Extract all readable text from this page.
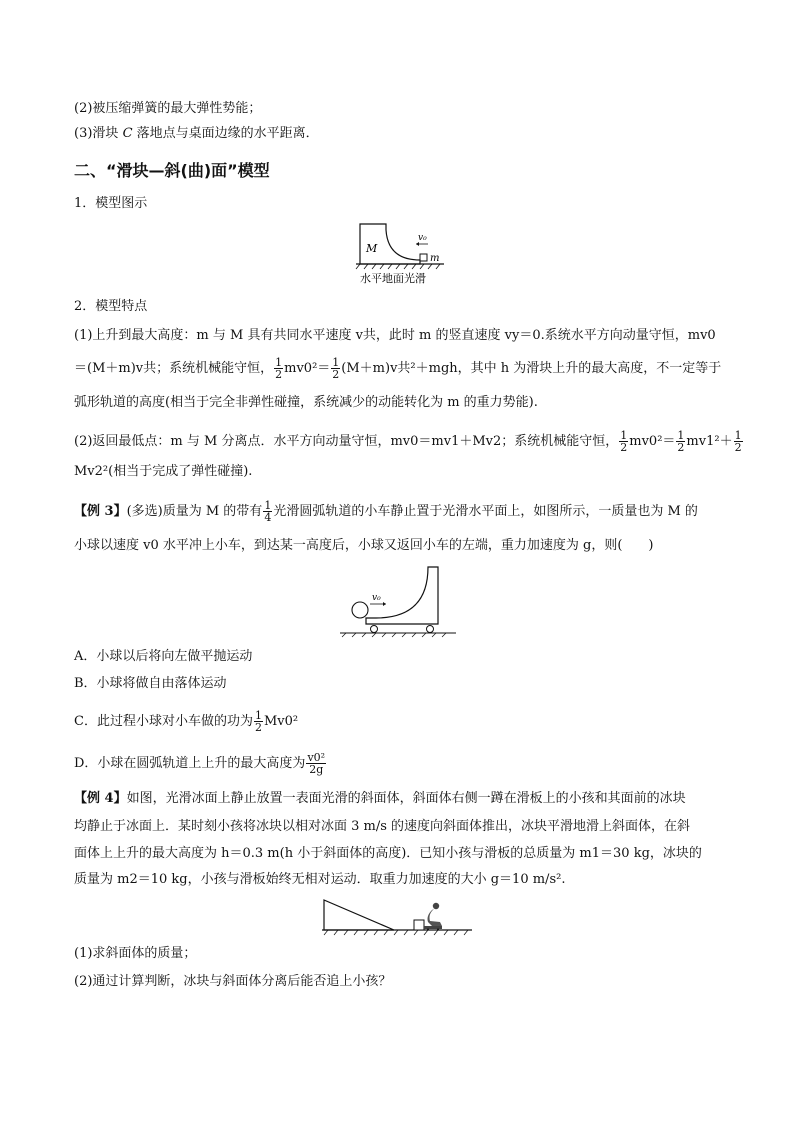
(2)被压缩弹簧的最大弹性势能；
(3)滑块 C 落地点与桌面边缘的水平距离．
二、“滑块—斜(曲)面”模型
1．模型图示
M
m
v₀
水平地面光滑
2．模型特点
(1)上升到最大高度：m 与 M 具有共同水平速度 v共，此时 m 的竖直速度 vy＝0.系统水平方向动量守恒，mv0
＝(M＋m)v共；系统机械能守恒， $\frac{1}{2} mv0^2= \frac{1}{2} (M+m)v$共²＋mgh，其中 h 为滑块上升的最大高度，不一定等于
弧形轨道的高度(相当于完全非弹性碰撞，系统减少的动能转化为 m 的重力势能).
(2)返回最低点：m 与 M 分离点．水平方向动量守恒，mv0＝mv1＋Mv2；系统机械能守恒， $\frac{1}{2} mv0^2= \frac{1}{2} mv1^2+ \frac{1}{2}$
Mv2²(相当于完成了弹性碰撞).
【例 3】(多选)质量为 M 的带有 $\frac{1}{4}$ 光滑圆弧轨道的小车静止置于光滑水平面上，如图所示，一质量也为 M 的
小球以速度 v0 水平冲上小车，到达某一高度后，小球又返回小车的左端，重力加速度为 g，则(　　)
v₀
A．小球以后将向左做平抛运动
B．小球将做自由落体运动
C．此过程小球对小车做的功为 $\frac{1}{2} Mv0^2$
D．小球在圆弧轨道上上升的最大高度为 $\frac{\text{v0²}}{2g}$
【例 4】如图，光滑冰面上静止放置一表面光滑的斜面体，斜面体右侧一蹲在滑板上的小孩和其面前的冰块
均静止于冰面上．某时刻小孩将冰块以相对冰面 3 m/s 的速度向斜面体推出，冰块平滑地滑上斜面体，在斜
面体上上升的最大高度为 h＝0.3 m(h 小于斜面体的高度)．已知小孩与滑板的总质量为 m1＝30 kg，冰块的
质量为 m2＝10 kg，小孩与滑板始终无相对运动．取重力加速度的大小 g＝10 m/s².
(1)求斜面体的质量；
(2)通过计算判断，冰块与斜面体分离后能否追上小孩？
